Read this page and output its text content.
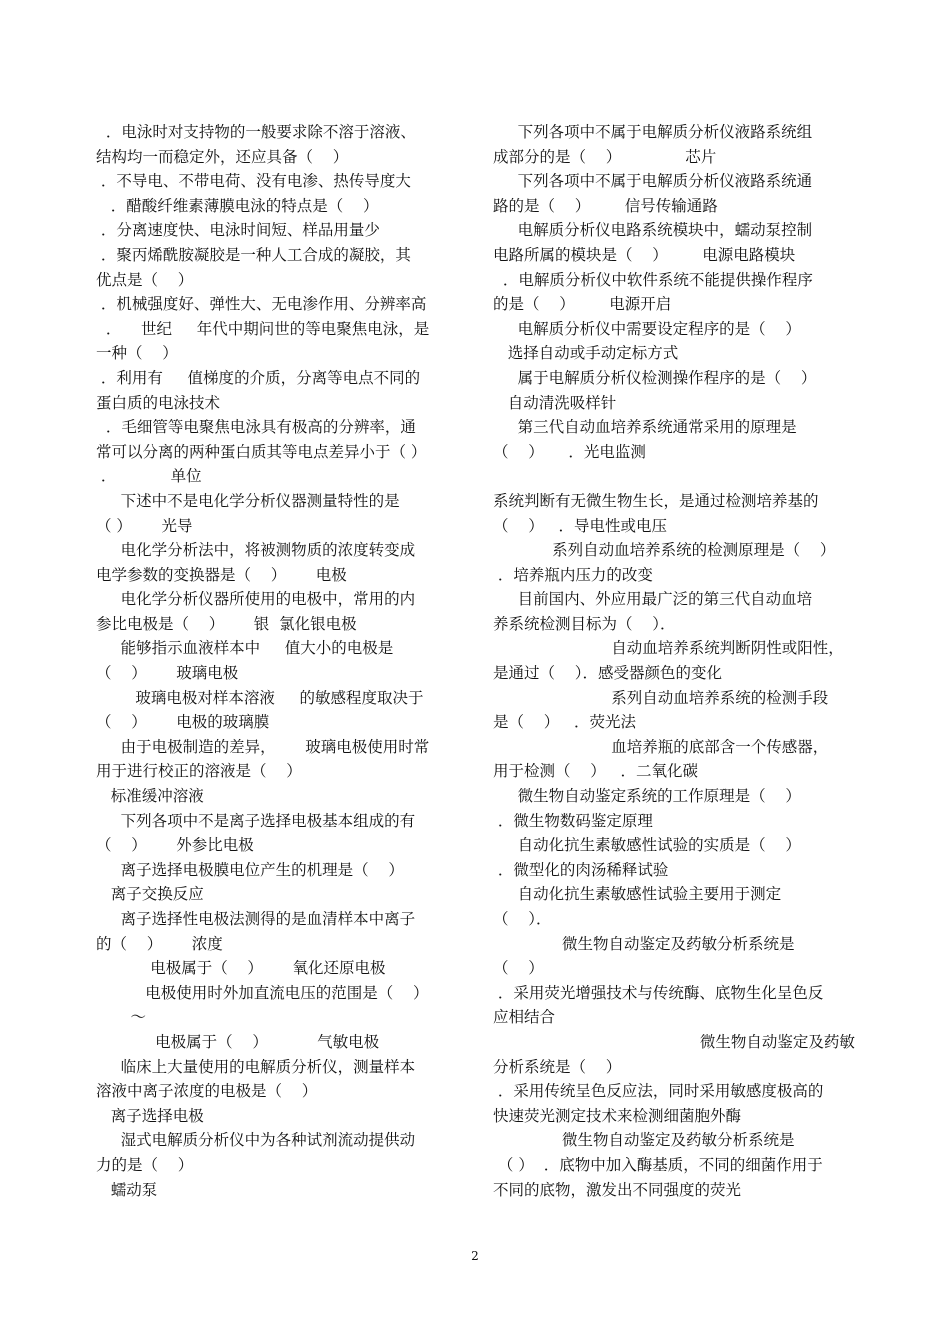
．电泳时对支持物的一般要求除不溶于溶液、
结构均一而稳定外，还应具备（    ）
．不导电、不带电荷、没有电渗、热传导度大
．醋酸纤维素薄膜电泳的特点是（    ）
．分离速度快、电泳时间短、样品用量少
．聚丙烯酰胺凝胶是一种人工合成的凝胶，其
优点是（    ）
．机械强度好、弹性大、无电渗作用、分辨率高
．    世纪     年代中期问世的等电聚焦电泳，是
一种（    ）
．利用有     值梯度的介质，分离等电点不同的
蛋白质的电泳技术
．毛细管等电聚焦电泳具有极高的分辨率，通
常可以分离的两种蛋白质其等电点差异小于（ ）
．           单位
下述中不是电化学分析仪器测量特性的是
（ ）      光导
电化学分析法中，将被测物质的浓度转变成
电学参数的变换器是（    ）      电极
电化学分析仪器所使用的电极中，常用的内
参比电极是（    ）      银  氯化银电极
能够指示血液样本中     值大小的电极是
（    ）      玻璃电极
玻璃电极对样本溶液     的敏感程度取决于
（    ）      电极的玻璃膜
由于电极制造的差异，      玻璃电极使用时常
用于进行校正的溶液是（    ）
标准缓冲溶液
下列各项中不是离子选择电极基本组成的有
（    ）      外参比电极
离子选择电极膜电位产生的机理是（    ）
离子交换反应
离子选择性电极法测得的是血清样本中离子
的（    ）      浓度
电极属于（    ）      氧化还原电极
电极使用时外加直流电压的范围是（    ）
～
电极属于（    ）          气敏电极
临床上大量使用的电解质分析仪，测量样本
溶液中离子浓度的电极是（    ）
离子选择电极
湿式电解质分析仪中为各种试剂流动提供动
力的是（    ）
蠕动泵
下列各项中不属于电解质分析仪液路系统组
成部分的是（    ）             芯片
下列各项中不属于电解质分析仪液路系统通
路的是（    ）       信号传输通路
电解质分析仪电路系统模块中，蠕动泵控制
电路所属的模块是（    ）       电源电路模块
．电解质分析仪中软件系统不能提供操作程序
的是（    ）       电源开启
电解质分析仪中需要设定程序的是（    ）
选择自动或手动定标方式
属于电解质分析仪检测操作程序的是（    ）
自动清洗吸样针
第三代自动血培养系统通常采用的原理是
（    ）     ．光电监测
系统判断有无微生物生长，是通过检测培养基的
（    ）   ．导电性或电压
系列自动血培养系统的检测原理是（    ）
．培养瓶内压力的改变
目前国内、外应用最广泛的第三代自动血培
养系统检测目标为（    ）．
自动血培养系统判断阴性或阳性，
是通过（    ）．感受器颜色的变化
系列自动血培养系统的检测手段
是（    ）   ．荧光法
血培养瓶的底部含一个传感器，
用于检测（    ）   ．二氧化碳
微生物自动鉴定系统的工作原理是（    ）
．微生物数码鉴定原理
自动化抗生素敏感性试验的实质是（    ）
．微型化的肉汤稀释试验
自动化抗生素敏感性试验主要用于测定
（    ）．
微生物自动鉴定及药敏分析系统是
（    ）
．采用荧光增强技术与传统酶、底物生化呈色反
应相结合
微生物自动鉴定及药敏
分析系统是（    ）
．采用传统呈色反应法，同时采用敏感度极高的
快速荧光测定技术来检测细菌胞外酶
微生物自动鉴定及药敏分析系统是
（ ）  ．底物中加入酶基质，不同的细菌作用于
不同的底物，激发出不同强度的荧光
2
